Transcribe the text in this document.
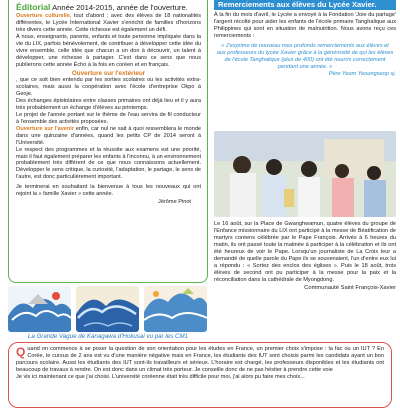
Éditorial Année 2014-2015, année de l'ouverture.

Ouverture culturelle, tout d'abord ; avec des élèves de 18 nationalités différentes, le Lycée International Xavier s'enrichit de familles d'horizons très divers cette année. Cette richesse est également un défi.

À nous, enseignants, parents, enfants et toute personne impliquée dans la vie du LIX, parfois bénévolement, de contribuer à développer cette idée du vivre ensemble, celle idée que chacun a un don à découvrir, un talent à développer, une richesse à partager. C'est dans ce sens que nous publierons cette année Écho à la fois en coréen et en français.

Ouverture sur l'extérieur

, que ce soit bien entendu par les sorties scolaires ou les activités extra-scolaires, mais aussi la coopération avec l'école d'entreprise Okpo à Geoje.

Des échanges épistolaires entre classes primaires ont déjà lieu et il y aura très probablement un échange d'élèves au printemps.

Le projet de l'année portant sur le thème de l'eau servira de fil conducteur à l'ensemble des activités proposées.

Ouverture sur l'avenir enfin, car nul ne sait à quoi ressemblera le monde dans une quinzaine d'années, quand les petits CP de 2014 seront à l'Université.

Le respect des programmes et la réussite aux examens est une priorité, mais il faut également préparer les enfants à l'inconnu, à un environnement probablement très différent de ce que nous connaissons actuellement. Développer le sens critique, la curiosité, l'adaptation, le partage, le sens de l'autre, est donc particulièrement important.

Je terminerai en souhaitant la bienvenue à tous les nouveaux qui ont rejoint la « famille Xavier » cette année.

Jérôme Pinot
La Grande Vague de Kanagawa d'Hokusai vu par les CM1
Remerciements aux élèves du Lycée Xavier.

À la fin du mois d'avril, le Lycée a envoyé à la Fondation 'Joie du partage' l'argent récolté pour aider les enfants de l'école primaire Tanghalique aux Philippines qui sont en situation de malnutrition. Nous avons reçu ces remerciements :

« J'exprime de nouveau mes profonds remerciements aux élèves et aux professeurs du lycée Xavier grâce à la générosité de qui les élèves de l'école Tanghalique (plus de 400) ont été nourris correctement pendant une année. »

Père Yeom Yeoungseop sj.

Le 16 août, sur la Place de Gwanghwamun, quatre élèves du groupe de l'Enfance missionnaire du LIX ont participé à la messe de Béatification de martyrs coréens célébrée par le Pape François. Arrivés à 6 heures du matin, ils ont passé toute la matinée à participer à la célébration et ils ont été heureux de voir le Pape. Lorsqu'un journaliste de La Croix leur a demandé de quelle parole du Pape ils se souvenaient, l'un d'entre eux lui a répondu : « Sortez des enclos des églises ». Puis le 18 août, trois élèves de second ont pu participer à la messe pour la paix et la réconciliation dans la cathédrale de Myongdong.

Communauté Saint François-Xavier

Quand on commence à se poser la question de son orientation pour les études en France, un premier choix s'impose : la fac ou un IUT ? En Corée, le cursus de 2 ans est vu d'une manière négative mais en France, les étudiants des IUT sont choisis parmi les candidats ayant un bon parcours scolaire. Aussi les étudiants des IUT sont-ils travailleurs et sérieux. L'horaire est chargé, les professeurs disponibles et les étudiants ont beaucoup de travaux à rendre. On est donc dans un climat très porteur. Je conseille donc de ne pas hésiter à prendre cette voie

Je vis ici maintenant ce que j'ai choisi. L'université coréenne était très difficile pour moi, j'ai alors pu faire mes choix...
